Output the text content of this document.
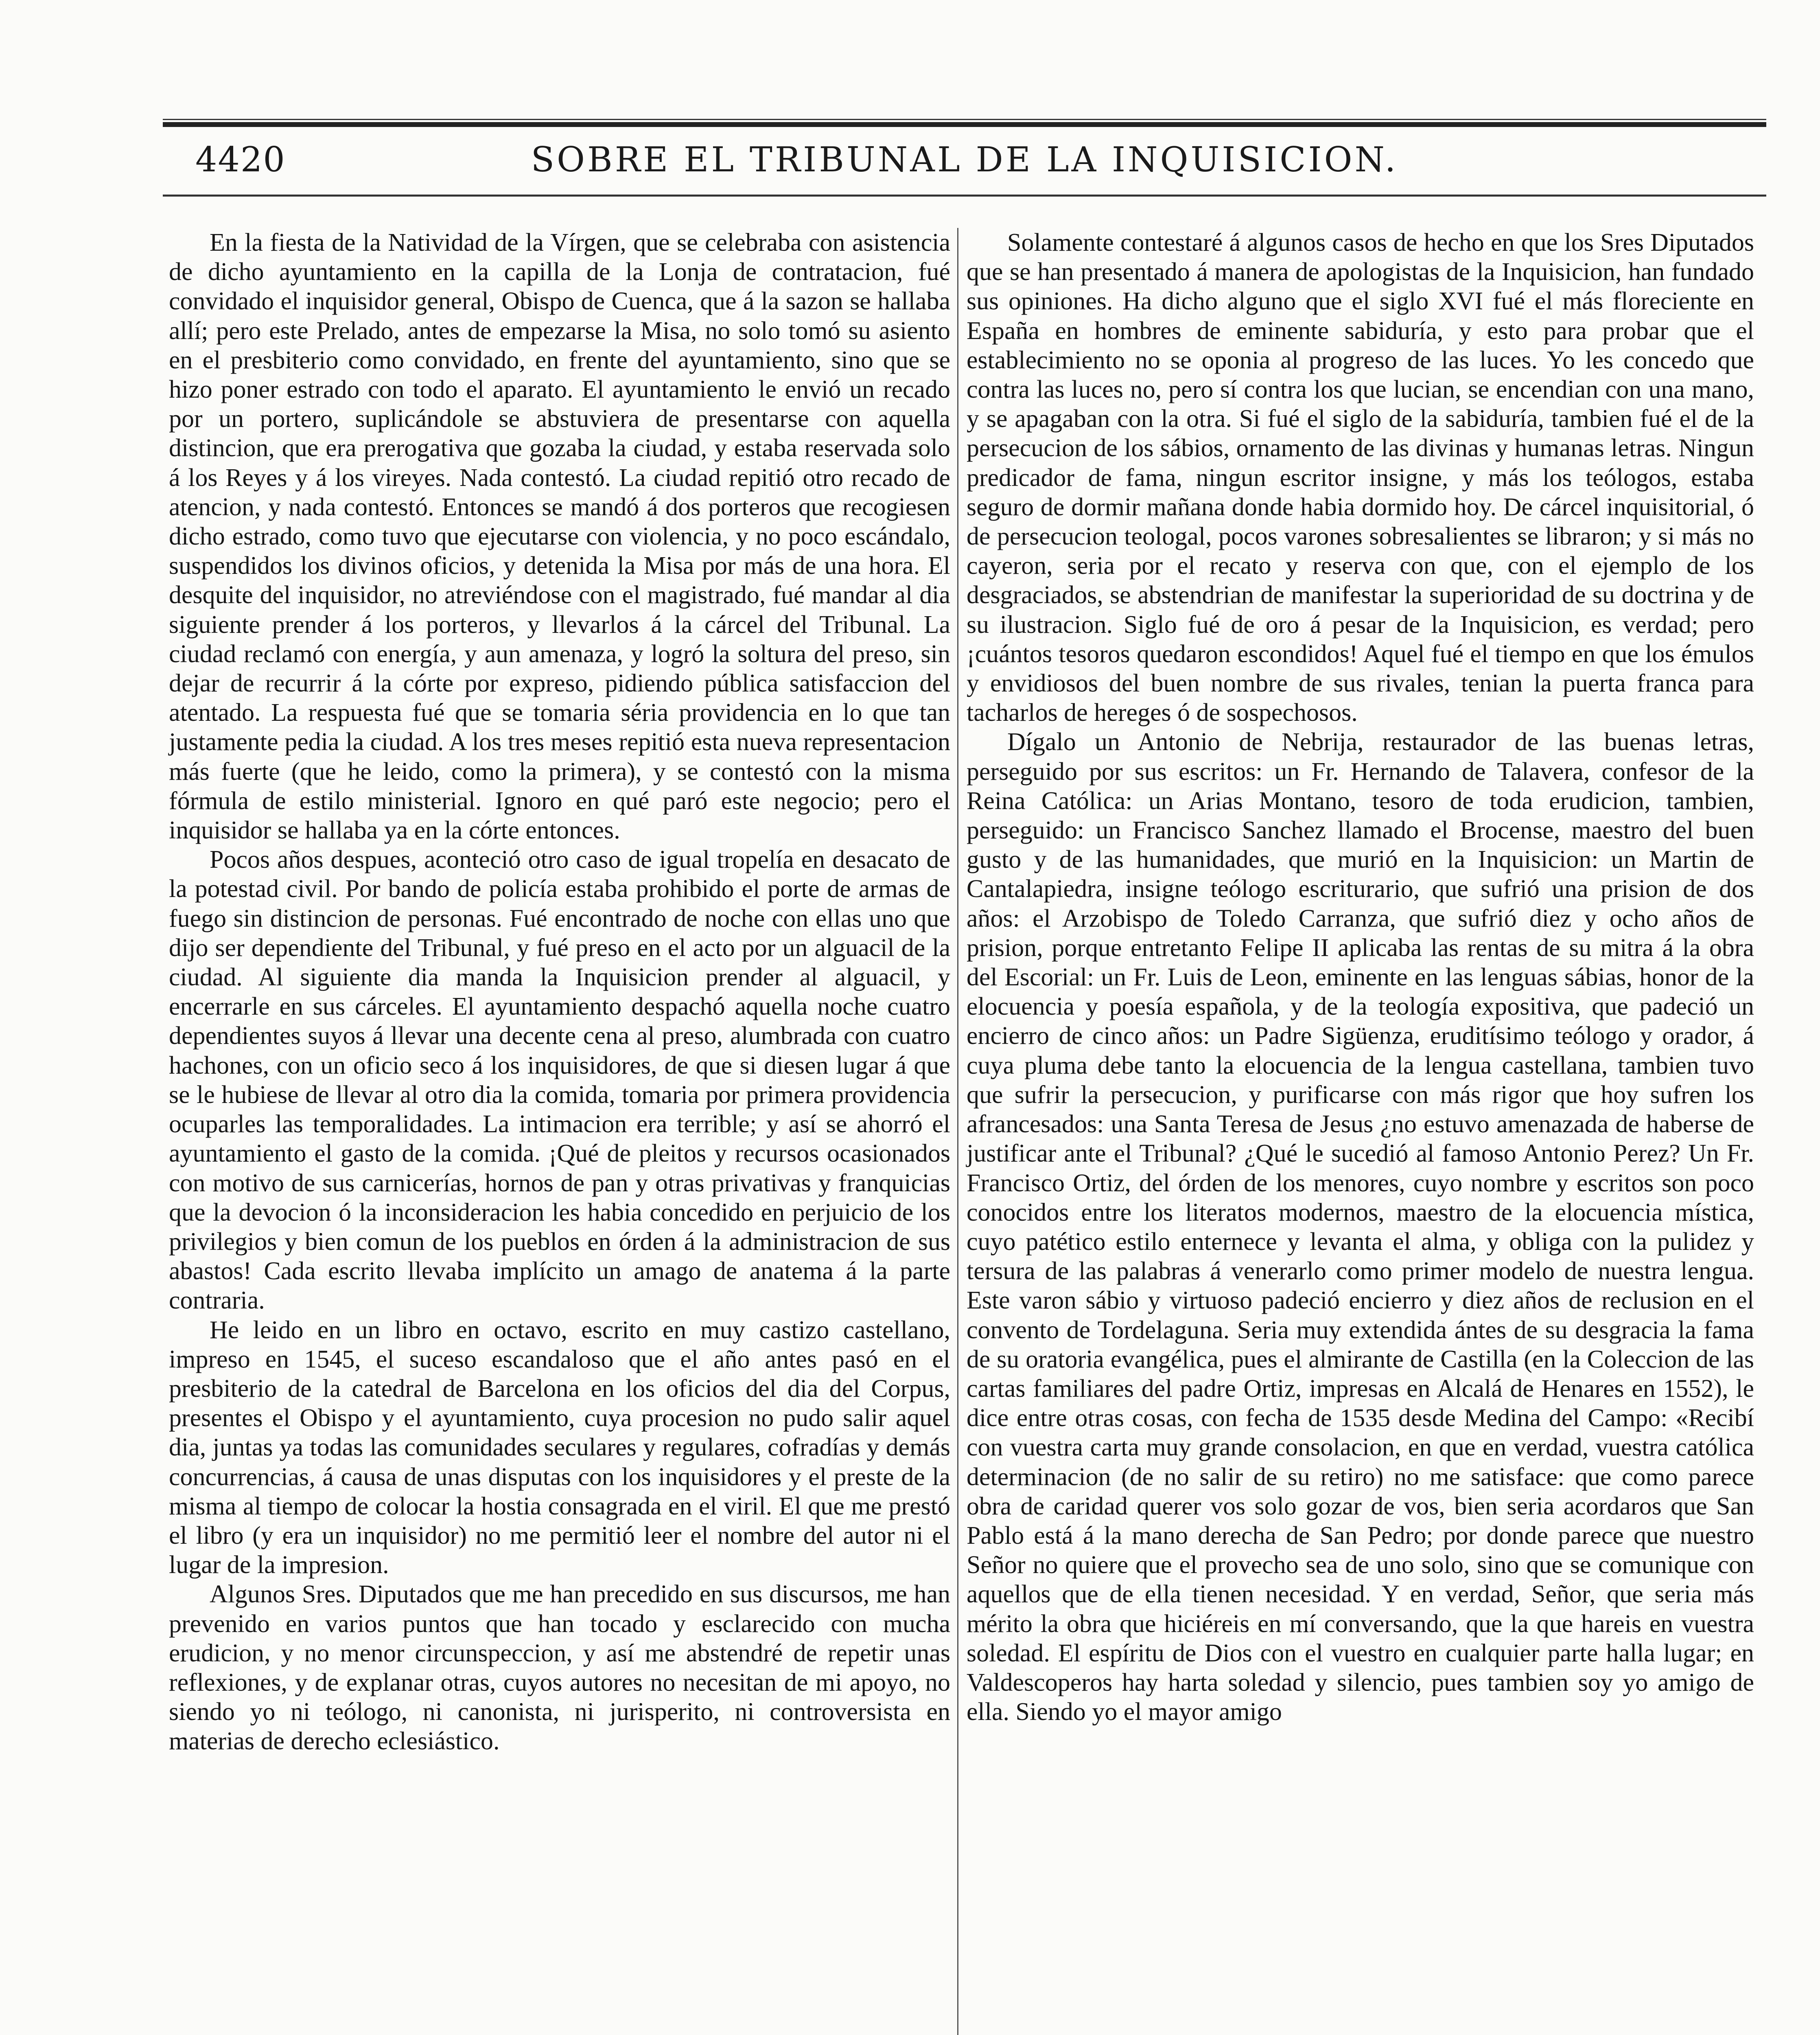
4420	SOBRE EL TRIBUNAL DE LA INQUISICION.

En la fiesta de la Natividad de la Vírgen, que se celebraba con asistencia de dicho ayuntamiento en la capilla de la Lonja de contratacion, fué convidado el inquisidor general, Obispo de Cuenca, que á la sazon se hallaba allí; pero este Prelado, antes de empezarse la Misa, no solo tomó su asiento en el presbiterio como convidado, en frente del ayuntamiento, sino que se hizo poner estrado con todo el aparato. El ayuntamiento le envió un recado por un portero, suplicándole se abstuviera de presentarse con aquella distincion, que era prerogativa que gozaba la ciudad, y estaba reservada solo á los Reyes y á los vireyes. Nada contestó. La ciudad repitió otro recado de atencion, y nada contestó. Entonces se mandó á dos porteros que recogiesen dicho estrado, como tuvo que ejecutarse con violencia, y no poco escándalo, suspendidos los divinos oficios, y detenida la Misa por más de una hora. El desquite del inquisidor, no atreviéndose con el magistrado, fué mandar al dia siguiente prender á los porteros, y llevarlos á la cárcel del Tribunal. La ciudad reclamó con energía, y aun amenaza, y logró la soltura del preso, sin dejar de recurrir á la córte por expreso, pidiendo pública satisfaccion del atentado. La respuesta fué que se tomaria séria providencia en lo que tan justamente pedia la ciudad. A los tres meses repitió esta nueva representacion más fuerte (que he leido, como la primera), y se contestó con la misma fórmula de estilo ministerial. Ignoro en qué paró este negocio; pero el inquisidor se hallaba ya en la córte entonces.

Pocos años despues, aconteció otro caso de igual tropelía en desacato de la potestad civil. Por bando de policía estaba prohibido el porte de armas de fuego sin distincion de personas. Fué encontrado de noche con ellas uno que dijo ser dependiente del Tribunal, y fué preso en el acto por un alguacil de la ciudad. Al siguiente dia manda la Inquisicion prender al alguacil, y encerrarle en sus cárceles. El ayuntamiento despachó aquella noche cuatro dependientes suyos á llevar una decente cena al preso, alumbrada con cuatro hachones, con un oficio seco á los inquisidores, de que si diesen lugar á que se le hubiese de llevar al otro dia la comida, tomaria por primera providencia ocuparles las temporalidades. La intimacion era terrible; y así se ahorró el ayuntamiento el gasto de la comida. ¡Qué de pleitos y recursos ocasionados con motivo de sus carnicerías, hornos de pan y otras privativas y franquicias que la devocion ó la inconsideracion les habia concedido en perjuicio de los privilegios y bien comun de los pueblos en órden á la administracion de sus abastos! Cada escrito llevaba implícito un amago de anatema á la parte contraria.

He leido en un libro en octavo, escrito en muy castizo castellano, impreso en 1545, el suceso escandaloso que el año antes pasó en el presbiterio de la catedral de Barcelona en los oficios del dia del Corpus, presentes el Obispo y el ayuntamiento, cuya procesion no pudo salir aquel dia, juntas ya todas las comunidades seculares y regulares, cofradías y demás concurrencias, á causa de unas disputas con los inquisidores y el preste de la misma al tiempo de colocar la hostia consagrada en el viril. El que me prestó el libro (y era un inquisidor) no me permitió leer el nombre del autor ni el lugar de la impresion.

Algunos Sres. Diputados que me han precedido en sus discursos, me han prevenido en varios puntos que han tocado y esclarecido con mucha erudicion, y no menor circunspeccion, y así me abstendré de repetir unas reflexiones, y de explanar otras, cuyos autores no necesitan de mi apoyo, no siendo yo ni teólogo, ni canonista, ni jurisperito, ni controversista en materias de derecho eclesiástico.

Solamente contestaré á algunos casos de hecho en que los Sres Diputados que se han presentado á manera de apologistas de la Inquisicion, han fundado sus opiniones. Ha dicho alguno que el siglo XVI fué el más floreciente en España en hombres de eminente sabiduría, y esto para probar que el establecimiento no se oponia al progreso de las luces. Yo les concedo que contra las luces no, pero sí contra los que lucian, se encendian con una mano, y se apagaban con la otra. Si fué el siglo de la sabiduría, tambien fué el de la persecucion de los sábios, ornamento de las divinas y humanas letras. Ningun predicador de fama, ningun escritor insigne, y más los teólogos, estaba seguro de dormir mañana donde habia dormido hoy. De cárcel inquisitorial, ó de persecucion teologal, pocos varones sobresalientes se libraron; y si más no cayeron, seria por el recato y reserva con que, con el ejemplo de los desgraciados, se abstendrian de manifestar la superioridad de su doctrina y de su ilustracion. Siglo fué de oro á pesar de la Inquisicion, es verdad; pero ¡cuántos tesoros quedaron escondidos! Aquel fué el tiempo en que los émulos y envidiosos del buen nombre de sus rivales, tenian la puerta franca para tacharlos de hereges ó de sospechosos.

Dígalo un Antonio de Nebrija, restaurador de las buenas letras, perseguido por sus escritos: un Fr. Hernando de Talavera, confesor de la Reina Católica: un Arias Montano, tesoro de toda erudicion, tambien, perseguido: un Francisco Sanchez llamado el Brocense, maestro del buen gusto y de las humanidades, que murió en la Inquisicion: un Martin de Cantalapiedra, insigne teólogo escriturario, que sufrió una prision de dos años: el Arzobispo de Toledo Carranza, que sufrió diez y ocho años de prision, porque entretanto Felipe II aplicaba las rentas de su mitra á la obra del Escorial: un Fr. Luis de Leon, eminente en las lenguas sábias, honor de la elocuencia y poesía española, y de la teología expositiva, que padeció un encierro de cinco años: un Padre Sigüenza, eruditísimo teólogo y orador, á cuya pluma debe tanto la elocuencia de la lengua castellana, tambien tuvo que sufrir la persecucion, y purificarse con más rigor que hoy sufren los afrancesados: una Santa Teresa de Jesus ¿no estuvo amenazada de haberse de justificar ante el Tribunal? ¿Qué le sucedió al famoso Antonio Perez? Un Fr. Francisco Ortiz, del órden de los menores, cuyo nombre y escritos son poco conocidos entre los literatos modernos, maestro de la elocuencia mística, cuyo patético estilo enternece y levanta el alma, y obliga con la pulidez y tersura de las palabras á venerarlo como primer modelo de nuestra lengua. Este varon sábio y virtuoso padeció encierro y diez años de reclusion en el convento de Tordelaguna. Seria muy extendida ántes de su desgracia la fama de su oratoria evangélica, pues el almirante de Castilla (en la Coleccion de las cartas familiares del padre Ortiz, impresas en Alcalá de Henares en 1552), le dice entre otras cosas, con fecha de 1535 desde Medina del Campo: «Recibí con vuestra carta muy grande consolacion, en que en verdad, vuestra católica determinacion (de no salir de su retiro) no me satisface: que como parece obra de caridad querer vos solo gozar de vos, bien seria acordaros que San Pablo está á la mano derecha de San Pedro; por donde parece que nuestro Señor no quiere que el provecho sea de uno solo, sino que se comunique con aquellos que de ella tienen necesidad. Y en verdad, Señor, que seria más mérito la obra que hiciéreis en mí conversando, que la que hareis en vuestra soledad. El espíritu de Dios con el vuestro en cualquier parte halla lugar; en Valdescoperos hay harta soledad y silencio, pues tambien soy yo amigo de ella. Siendo yo el mayor amigo
